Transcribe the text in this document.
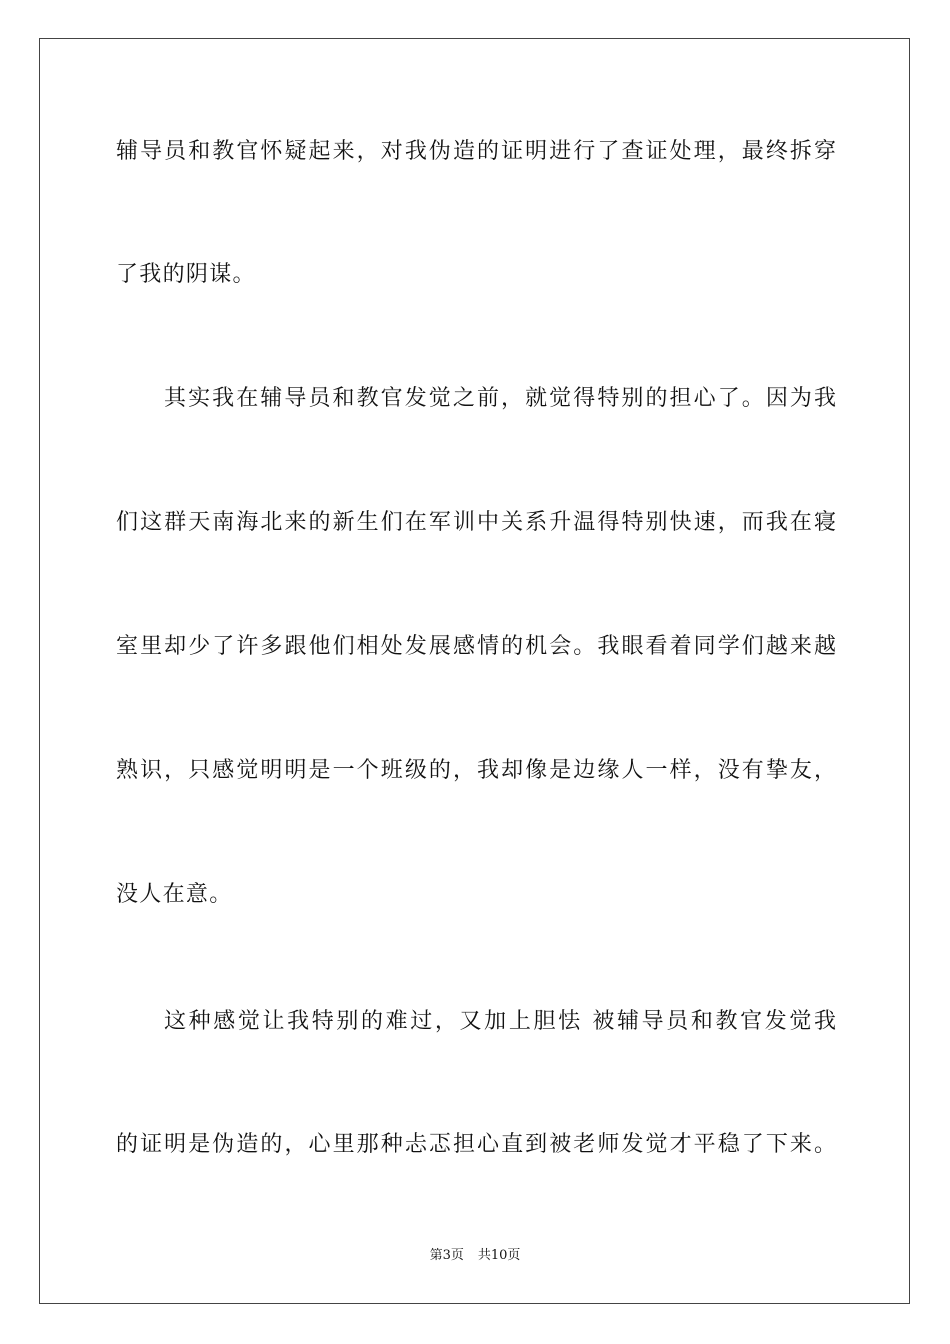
辅导员和教官怀疑起来，对我伪造的证明进行了查证处理，最终拆穿
了我的阴谋。
其实我在辅导员和教官发觉之前，就觉得特别的担心了。因为我
们这群天南海北来的新生们在军训中关系升温得特别快速，而我在寝
室里却少了许多跟他们相处发展感情的机会。我眼看着同学们越来越
熟识，只感觉明明是一个班级的，我却像是边缘人一样，没有挚友，
没人在意。
这种感觉让我特别的难过，又加上胆怯 被辅导员和教官发觉我
的证明是伪造的，心里那种忐忑担心直到被老师发觉才平稳了下来。
第3页 共10页
